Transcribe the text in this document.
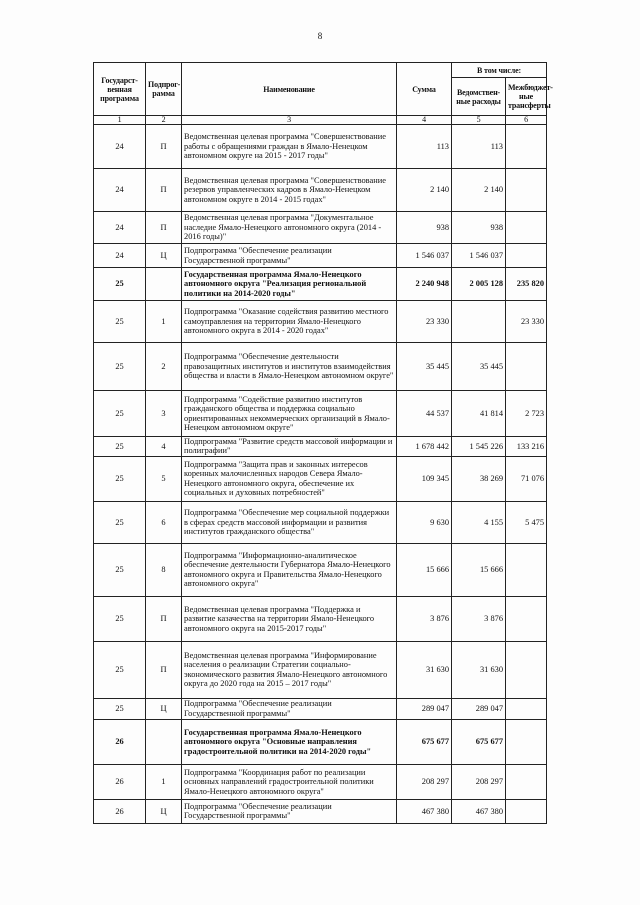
8
Государст-венная программа	Подпрог-рамма	Наименование	Сумма	В том числе:	
				Ведомствен-ные расходы	Межбюджет-ные трансферты
1	2	3	4	5	6
24	П	Ведомственная целевая программа "Совершенствование работы с обращениями граждан в Ямало-Ненецком автономном округе на 2015 - 2017 годы"	113	113	
24	П	Ведомственная целевая программа "Совершенствование резервов управленческих кадров в Ямало-Ненецком автономном округе в 2014 - 2015 годах"	2 140	2 140	
24	П	Ведомственная целевая программа "Документальное наследие Ямало-Ненецкого автономного округа (2014 - 2016 годы)"	938	938	
24	Ц	Подпрограмма "Обеспечение реализации Государственной программы"	1 546 037	1 546 037	
25		Государственная программа Ямало-Ненецкого автономного округа "Реализация региональной политики на 2014-2020 годы"	2 240 948	2 005 128	235 820
25	1	Подпрограмма "Оказание содействия развитию местного самоуправления на территории Ямало-Ненецкого автономного округа в 2014 - 2020 годах"	23 330		23 330
25	2	Подпрограмма "Обеспечение деятельности правозащитных институтов и институтов взаимодействия общества и власти в Ямало-Ненецком автономном округе"	35 445	35 445	
25	3	Подпрограмма "Содействие развитию институтов гражданского общества и поддержка социально ориентированных некоммерческих организаций в Ямало-Ненецком автономном округе"	44 537	41 814	2 723
25	4	Подпрограмма "Развитие средств массовой информации и полиграфии"	1 678 442	1 545 226	133 216
25	5	Подпрограмма "Защита прав и законных интересов коренных малочисленных народов Севера Ямало-Ненецкого автономного округа, обеспечение их социальных и духовных потребностей"	109 345	38 269	71 076
25	6	Подпрограмма "Обеспечение мер социальной поддержки в сферах средств массовой информации и развития институтов гражданского общества"	9 630	4 155	5 475
25	8	Подпрограмма "Информационно-аналитическое обеспечение деятельности Губернатора Ямало-Ненецкого автономного округа и Правительства Ямало-Ненецкого автономного округа"	15 666	15 666	
25	П	Ведомственная целевая программа "Поддержка и развитие казачества на территории Ямало-Ненецкого автономного округа на 2015-2017 годы"	3 876	3 876	
25	П	Ведомственная целевая программа "Информирование населения о реализации Стратегии социально-экономического развития Ямало-Ненецкого автономного округа до 2020 года на 2015 – 2017 годы"	31 630	31 630	
25	Ц	Подпрограмма "Обеспечение реализации Государственной программы"	289 047	289 047	
26		Государственная программа Ямало-Ненецкого автономного округа "Основные направления градостроительной политики на 2014-2020 годы"	675 677	675 677	
26	1	Подпрограмма "Координация работ по реализации основных направлений градостроительной политики Ямало-Ненецкого автономного округа"	208 297	208 297	
26	Ц	Подпрограмма "Обеспечение реализации Государственной программы"	467 380	467 380	
